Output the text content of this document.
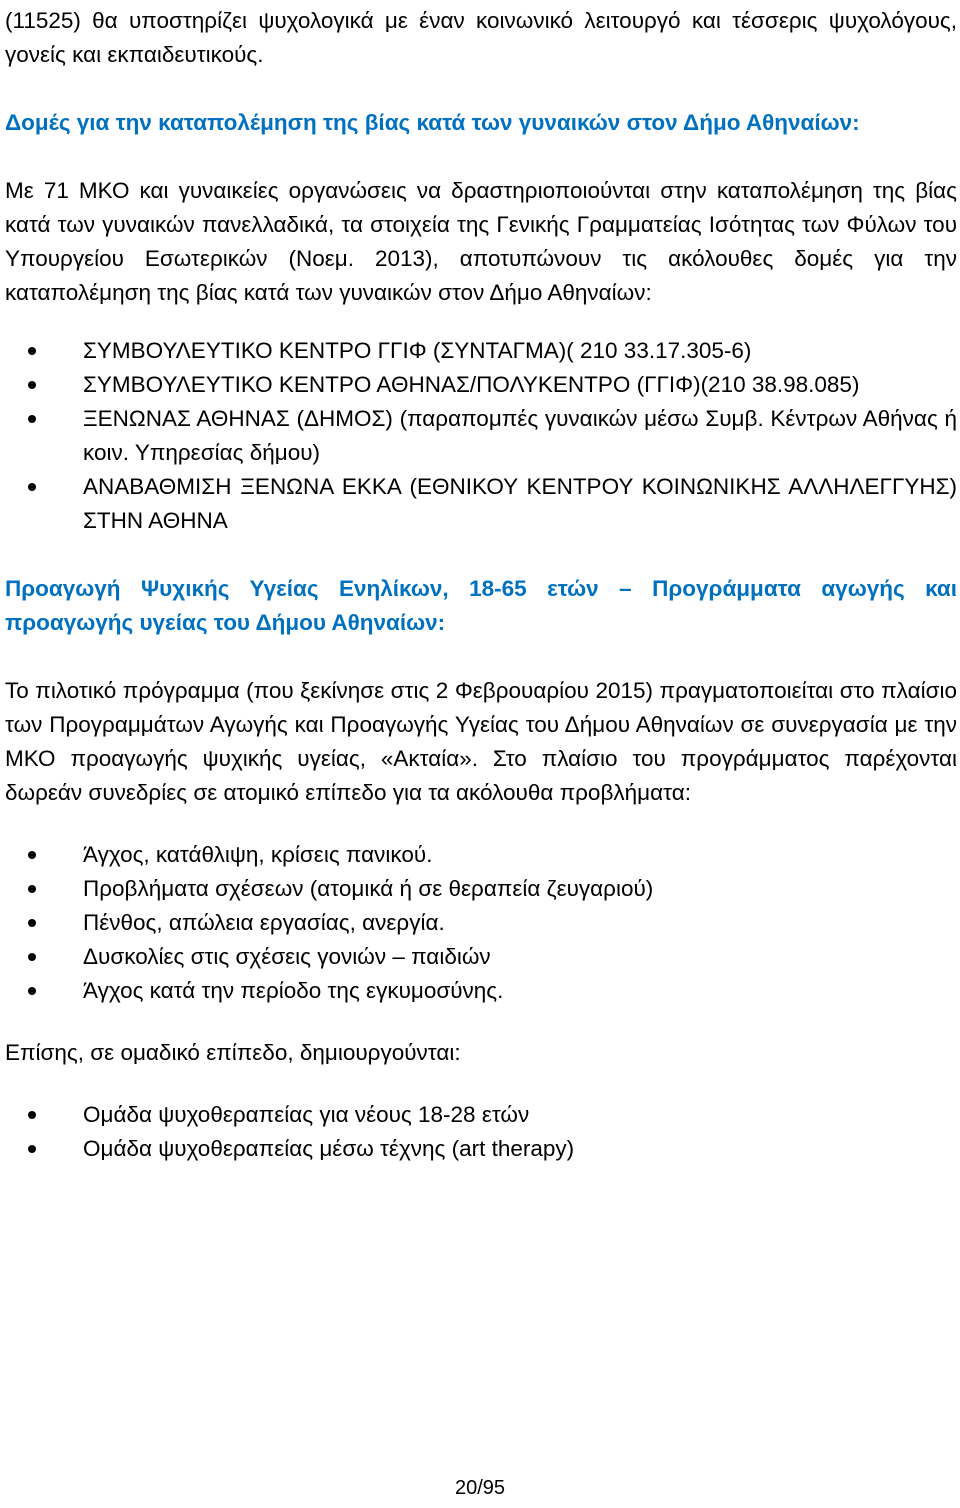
(11525) θα υποστηρίζει ψυχολογικά με έναν κοινωνικό λειτουργό και τέσσερις ψυχολόγους, γονείς και εκπαιδευτικούς.

Δομές για την καταπολέμηση της βίας κατά των γυναικών στον Δήμο Αθηναίων:

Με 71 ΜΚΟ και γυναικείες οργανώσεις να δραστηριοποιούνται στην καταπολέμηση της βίας κατά των γυναικών πανελλαδικά, τα στοιχεία της Γενικής Γραμματείας Ισότητας των Φύλων του Υπουργείου Εσωτερικών (Νοεμ. 2013), αποτυπώνουν τις ακόλουθες δομές για την καταπολέμηση της βίας κατά των γυναικών στον Δήμο Αθηναίων:

ΣΥΜΒΟΥΛΕΥΤΙΚΟ ΚΕΝΤΡΟ ΓΓΙΦ (ΣΥΝΤΑΓΜΑ)( 210 33.17.305-6)
ΣΥΜΒΟΥΛΕΥΤΙΚΟ ΚΕΝΤΡΟ ΑΘΗΝΑΣ/ΠΟΛΥΚΕΝΤΡΟ (ΓΓΙΦ)(210 38.98.085)
ΞΕΝΩΝΑΣ ΑΘΗΝΑΣ (ΔΗΜΟΣ) (παραπομπές γυναικών μέσω Συμβ. Κέντρων Αθήνας ή κοιν. Υπηρεσίας δήμου)
ΑΝΑΒΑΘΜΙΣΗ ΞΕΝΩΝΑ ΕΚΚΑ (ΕΘΝΙΚΟΥ ΚΕΝΤΡΟΥ ΚΟΙΝΩΝΙΚΗΣ ΑΛΛΗΛΕΓΓΥΗΣ) ΣΤΗΝ ΑΘΗΝΑ

Προαγωγή Ψυχικής Υγείας Ενηλίκων, 18-65 ετών – Προγράμματα αγωγής και προαγωγής υγείας του Δήμου Αθηναίων:

Το πιλοτικό πρόγραμμα (που ξεκίνησε στις 2 Φεβρουαρίου 2015) πραγματοποιείται στο πλαίσιο των Προγραμμάτων Αγωγής και Προαγωγής Υγείας του Δήμου Αθηναίων σε συνεργασία με την ΜΚΟ προαγωγής ψυχικής υγείας, «Ακταία». Στο πλαίσιο του προγράμματος παρέχονται δωρεάν συνεδρίες σε ατομικό επίπεδο για τα ακόλουθα προβλήματα:

Άγχος, κατάθλιψη, κρίσεις πανικού.
Προβλήματα σχέσεων (ατομικά ή σε θεραπεία ζευγαριού)
Πένθος, απώλεια εργασίας, ανεργία.
Δυσκολίες στις σχέσεις γονιών – παιδιών
Άγχος κατά την περίοδο της εγκυμοσύνης.

Επίσης, σε ομαδικό επίπεδο, δημιουργούνται:

Ομάδα ψυχοθεραπείας για νέους 18-28 ετών
Ομάδα ψυχοθεραπείας μέσω τέχνης (art therapy)
20/95
